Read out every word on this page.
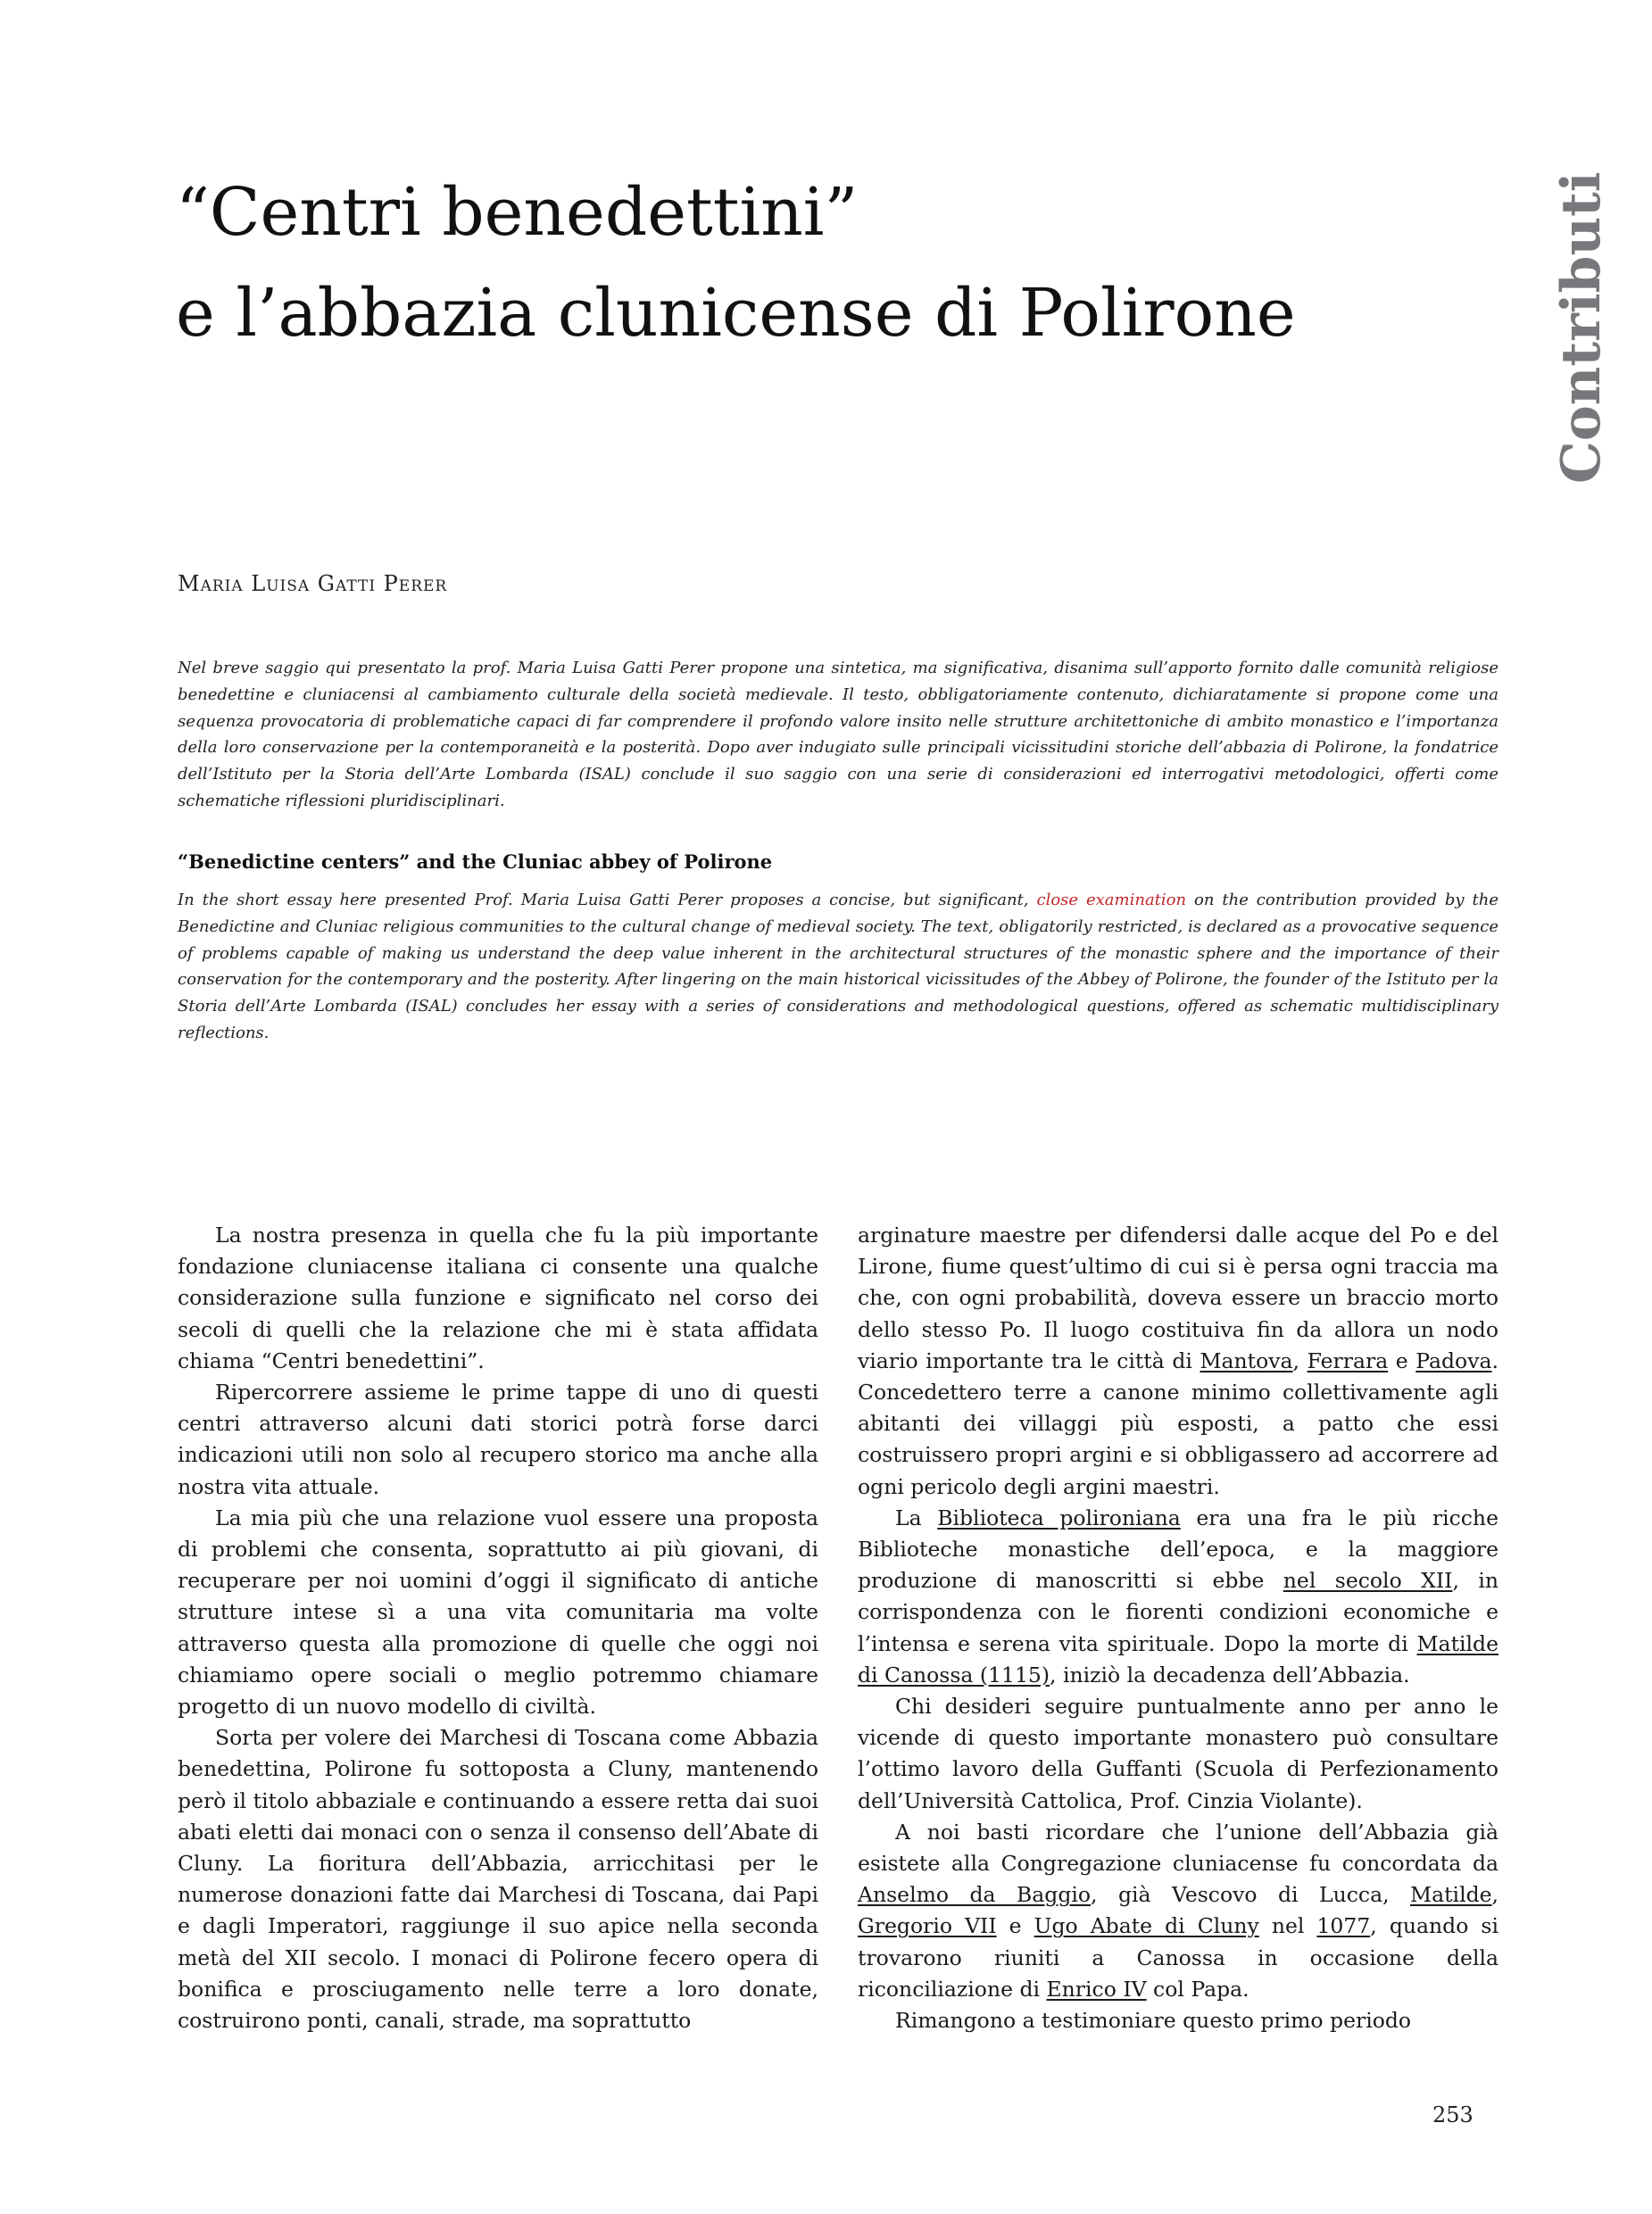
“Centri benedettini”
e l’abbazia clunicense di Polirone	Contributi

Maria Luisa Gatti Perer

Nel breve saggio qui presentato la prof. Maria Luisa Gatti Perer propone una sintetica, ma significativa, disanima sull’apporto fornito dalle comunità religiose benedettine e cluniacensi al cambiamento culturale della società medievale. Il testo, obbligatoriamente contenuto, dichiaratamente si propone come una sequenza provocatoria di problematiche capaci di far comprendere il profondo valore insito nelle strutture architettoniche di ambito monastico e l’importanza della loro conservazione per la contemporaneità e la posterità. Dopo aver indugiato sulle principali vicissitudini storiche dell’abbazia di Polirone, la fondatrice dell’Istituto per la Storia dell’Arte Lombarda (ISAL) conclude il suo saggio con una serie di considerazioni ed interrogativi metodologici, offerti come schematiche riflessioni pluridisciplinari.

“Benedictine centers” and the Cluniac abbey of Polirone

In the short essay here presented Prof. Maria Luisa Gatti Perer proposes a concise, but significant, close examination on the contribution provided by the Benedictine and Cluniac religious communities to the cultural change of medieval society. The text, obligatorily restricted, is declared as a provocative sequence of problems capable of making us understand the deep value inherent in the architectural structures of the monastic sphere and the importance of their conservation for the contemporary and the posterity. After lingering on the main historical vicissitudes of the Abbey of Polirone, the founder of the Istituto per la Storia dell’Arte Lombarda (ISAL) concludes her essay with a series of considerations and methodological questions, offered as schematic multidisciplinary reflections.

La nostra presenza in quella che fu la più importante fondazione cluniacense italiana ci consente una qualche considerazione sulla funzione e significato nel corso dei secoli di quelli che la relazione che mi è stata affidata chiama “Centri benedettini”.

Ripercorrere assieme le prime tappe di uno di questi centri attraverso alcuni dati storici potrà forse darci indicazioni utili non solo al recupero storico ma anche alla nostra vita attuale.

La mia più che una relazione vuol essere una proposta di problemi che consenta, soprattutto ai più giovani, di recuperare per noi uomini d’oggi il significato di antiche strutture intese sì a una vita comunitaria ma volte attraverso questa alla promozione di quelle che oggi noi chiamiamo opere sociali o meglio potremmo chiamare progetto di un nuovo modello di civiltà.

Sorta per volere dei Marchesi di Toscana come Abbazia benedettina, Polirone fu sottoposta a Cluny, mantenendo però il titolo abbaziale e continuando a essere retta dai suoi abati eletti dai monaci con o senza il consenso dell’Abate di Cluny. La fioritura dell’Abbazia, arricchitasi per le numerose donazioni fatte dai Marchesi di Toscana, dai Papi e dagli Imperatori, raggiunge il suo apice nella seconda metà del XII secolo. I monaci di Polirone fecero opera di bonifica e prosciugamento nelle terre a loro donate, costruirono ponti, canali, strade, ma soprattutto

arginature maestre per difendersi dalle acque del Po e del Lirone, fiume quest’ultimo di cui si è persa ogni traccia ma che, con ogni probabilità, doveva essere un braccio morto dello stesso Po. Il luogo costituiva fin da allora un nodo viario importante tra le città di Mantova, Ferrara e Padova. Concedettero terre a canone minimo collettivamente agli abitanti dei villaggi più esposti, a patto che essi costruissero propri argini e si obbligassero ad accorrere ad ogni pericolo degli argini maestri.

La Biblioteca polironiana era una fra le più ricche Biblioteche monastiche dell’epoca, e la maggiore produzione di manoscritti si ebbe nel secolo XII, in corrispondenza con le fiorenti condizioni economiche e l’intensa e serena vita spirituale. Dopo la morte di Matilde di Canossa (1115), iniziò la decadenza dell’Abbazia.

Chi desideri seguire puntualmente anno per anno le vicende di questo importante monastero può consultare l’ottimo lavoro della Guffanti (Scuola di Perfezionamento dell’Università Cattolica, Prof. Cinzia Violante).

A noi basti ricordare che l’unione dell’Abbazia già esistete alla Congregazione cluniacense fu concordata da Anselmo da Baggio, già Vescovo di Lucca, Matilde, Gregorio VII e Ugo Abate di Cluny nel 1077, quando si trovarono riuniti a Canossa in occasione della riconciliazione di Enrico IV col Papa.

Rimangono a testimoniare questo primo periodo

253
